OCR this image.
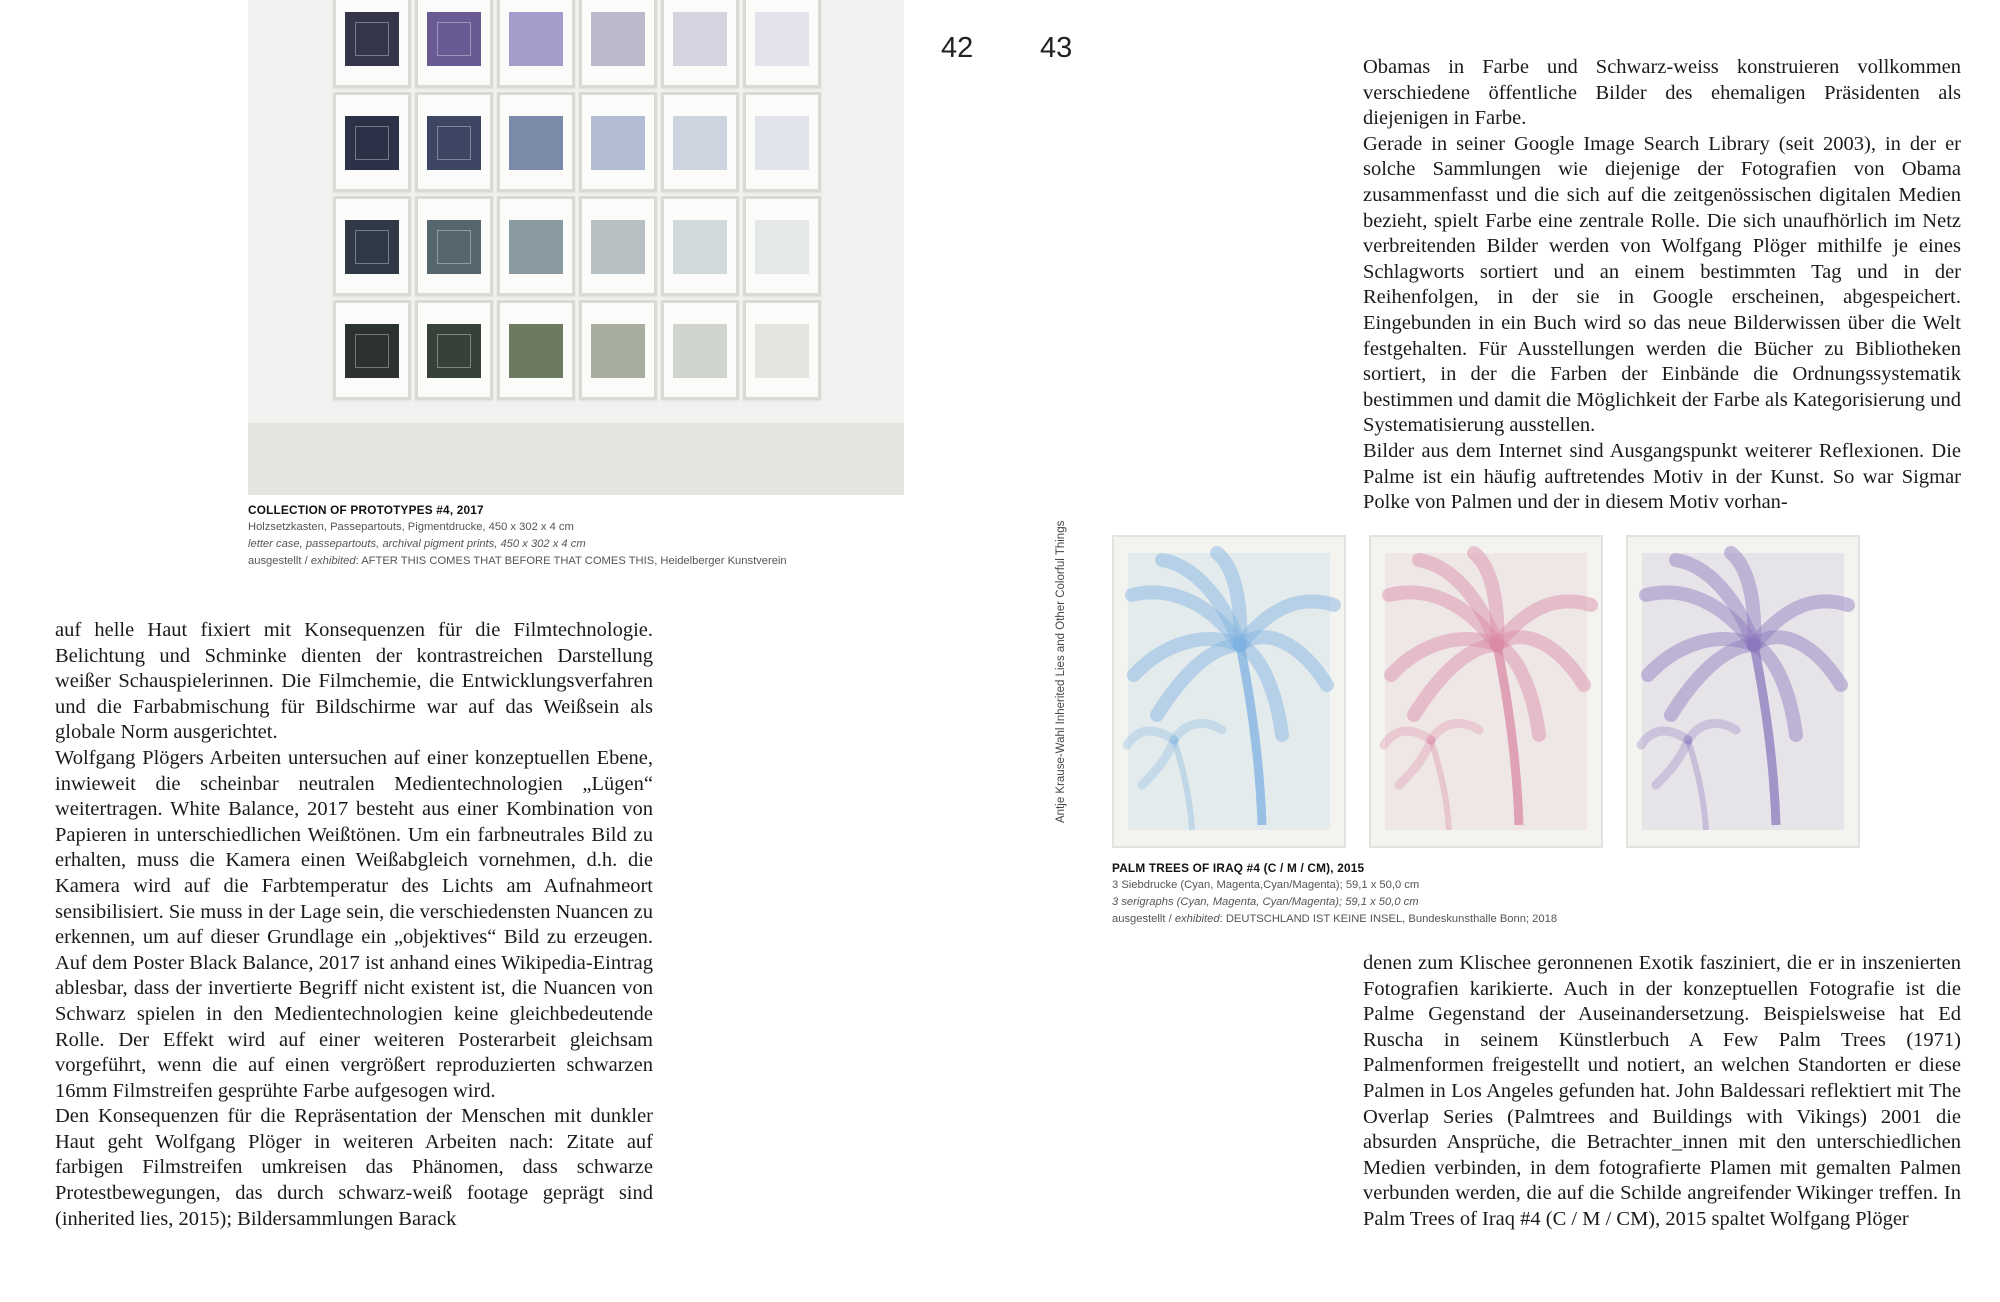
42 43
Antje Krause-Wahl Inherited Lies and Other Colorful Things
COLLECTION OF PROTOTYPES #4, 2017
Holzsetzkasten, Passepartouts, Pigmentdrucke, 450 x 302 x 4 cm
letter case, passepartouts, archival pigment prints, 450 x 302 x 4 cm
ausgestellt / exhibited: AFTER THIS COMES THAT BEFORE THAT COMES THIS, Heidelberger Kunstverein

auf helle Haut fixiert mit Konsequenzen für die Filmtechnologie. Belichtung und Schminke dienten der kontrastreichen Darstellung weißer Schauspielerinnen. Die Filmchemie, die Entwicklungsverfahren und die Farbabmischung für Bildschirme war auf das Weißsein als globale Norm ausgerichtet.

Wolfgang Plögers Arbeiten untersuchen auf einer konzeptuellen Ebene, inwieweit die scheinbar neutralen Medientechnologien „Lügen“ weitertragen. White Balance, 2017 besteht aus einer Kombination von Papieren in unterschiedlichen Weißtönen. Um ein farbneutrales Bild zu erhalten, muss die Kamera einen Weißabgleich vornehmen, d.h. die Kamera wird auf die Farbtemperatur des Lichts am Aufnahmeort sensibilisiert. Sie muss in der Lage sein, die verschiedensten Nuancen zu erkennen, um auf dieser Grundlage ein „objektives“ Bild zu erzeugen. Auf dem Poster Black Balance, 2017 ist anhand eines Wikipedia-Eintrag ablesbar, dass der invertierte Begriff nicht existent ist, die Nuancen von Schwarz spielen in den Medientechnologien keine gleichbedeutende Rolle. Der Effekt wird auf einer weiteren Posterarbeit gleichsam vorgeführt, wenn die auf einen vergrößert reproduzierten schwarzen 16mm Filmstreifen gesprühte Farbe aufgesogen wird.

Den Konsequenzen für die Repräsentation der Menschen mit dunkler Haut geht Wolfgang Plöger in weiteren Arbeiten nach: Zitate auf farbigen Filmstreifen umkreisen das Phänomen, dass schwarze Protestbewegungen, das durch schwarz-weiß footage geprägt sind (inherited lies, 2015); Bildersammlungen Barack

Obamas in Farbe und Schwarz-weiss konstruieren vollkommen verschiedene öffentliche Bilder des ehemaligen Präsidenten als diejenigen in Farbe.

Gerade in seiner Google Image Search Library (seit 2003), in der er solche Sammlungen wie diejenige der Fotografien von Obama zusammenfasst und die sich auf die zeitgenössischen digitalen Medien bezieht, spielt Farbe eine zentrale Rolle. Die sich unaufhörlich im Netz verbreitenden Bilder werden von Wolfgang Plöger mithilfe je eines Schlagworts sortiert und an einem bestimmten Tag und in der Reihenfolgen, in der sie in Google erscheinen, abgespeichert. Eingebunden in ein Buch wird so das neue Bilderwissen über die Welt festgehalten. Für Ausstellungen werden die Bücher zu Bibliotheken sortiert, in der die Farben der Einbände die Ordnungssystematik bestimmen und damit die Möglichkeit der Farbe als Kategorisierung und Systematisierung ausstellen.

Bilder aus dem Internet sind Ausgangspunkt weiterer Reflexionen. Die Palme ist ein häufig auftretendes Motiv in der Kunst. So war Sigmar Polke von Palmen und der in diesem Motiv vorhan-

PALM TREES OF IRAQ #4 (C / M / CM), 2015
3 Siebdrucke (Cyan, Magenta,Cyan/Magenta); 59,1 x 50,0 cm
3 serigraphs (Cyan, Magenta, Cyan/Magenta); 59,1 x 50,0 cm
ausgestellt / exhibited: DEUTSCHLAND IST KEINE INSEL, Bundeskunsthalle Bonn; 2018

denen zum Klischee geronnenen Exotik fasziniert, die er in inszenierten Fotografien karikierte. Auch in der konzeptuellen Fotografie ist die Palme Gegenstand der Auseinandersetzung. Beispielsweise hat Ed Ruscha in seinem Künstlerbuch A Few Palm Trees (1971) Palmenformen freigestellt und notiert, an welchen Standorten er diese Palmen in Los Angeles gefunden hat. John Baldessari reflektiert mit The Overlap Series (Palmtrees and Buildings with Vikings) 2001 die absurden Ansprüche, die Betrachter_innen mit den unterschiedlichen Medien verbinden, in dem fotografierte Plamen mit gemalten Palmen verbunden werden, die auf die Schilde angreifender Wikinger treffen. In Palm Trees of Iraq #4 (C / M / CM), 2015 spaltet Wolfgang Plöger
